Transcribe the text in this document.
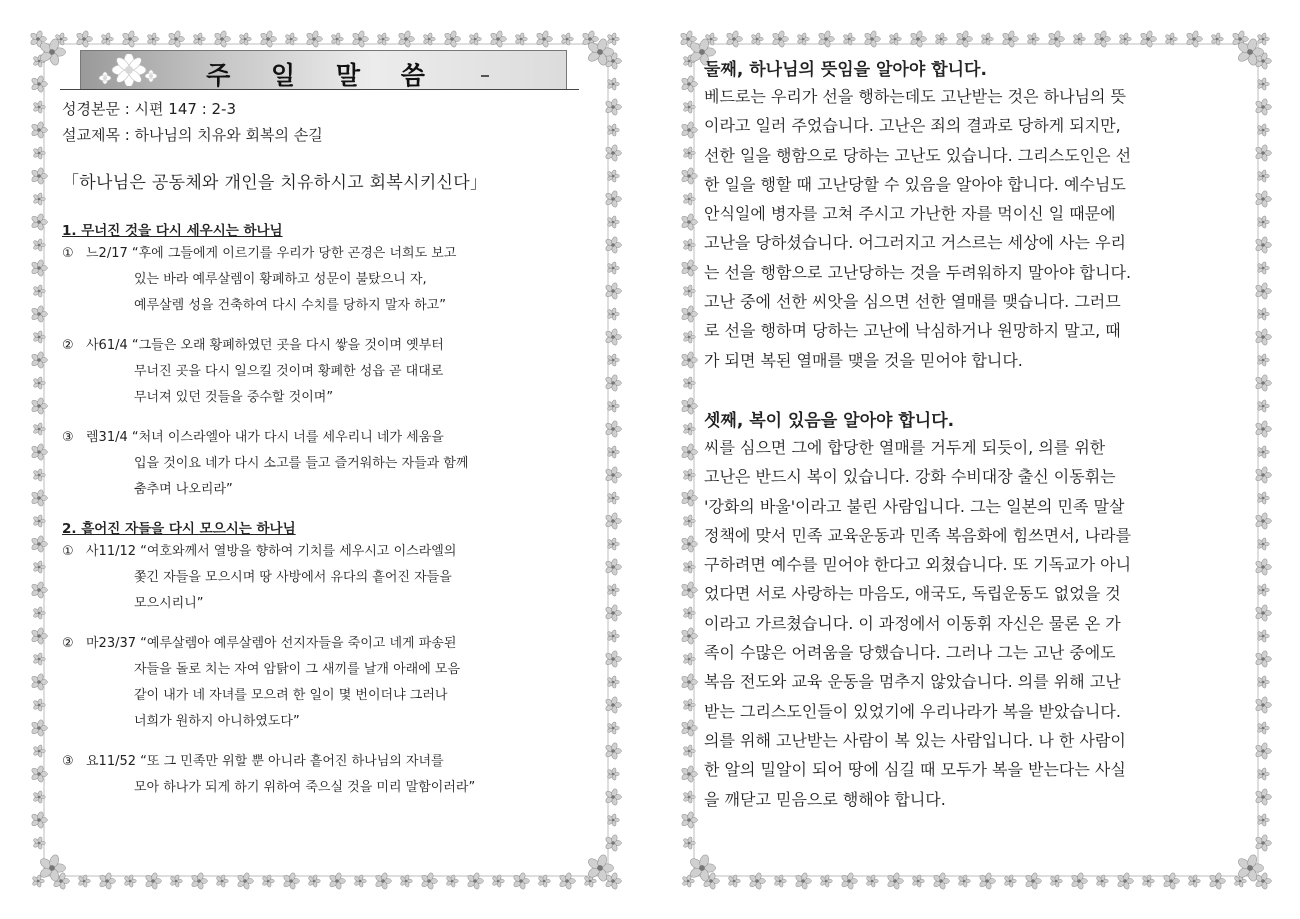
주 일 말 씀
성경본문 : 시편 147 : 2-3
설교제목 : 하나님의 치유와 회복의 손길
「하나님은 공동체와 개인을 치유하시고 회복시키신다」
1. 무너진 것을 다시 세우시는 하나님
① 느2/17 “후에 그들에게 이르기를 우리가 당한 곤경은 너희도 보고
있는 바라 예루살렘이 황폐하고 성문이 불탔으니 자,
예루살렘 성을 건축하여 다시 수치를 당하지 말자 하고”
② 사61/4 “그들은 오래 황폐하였던 곳을 다시 쌓을 것이며 옛부터
무너진 곳을 다시 일으킬 것이며 황폐한 성읍 곧 대대로
무너져 있던 것들을 중수할 것이며”
③ 렘31/4 “처녀 이스라엘아 내가 다시 너를 세우리니 네가 세움을
입을 것이요 네가 다시 소고를 들고 즐거워하는 자들과 함께
춤추며 나오리라”
2. 흩어진 자들을 다시 모으시는 하나님
① 사11/12 “여호와께서 열방을 향하여 기치를 세우시고 이스라엘의
쫓긴 자들을 모으시며 땅 사방에서 유다의 흩어진 자들을
모으시리니”
② 마23/37 “예루살렘아 예루살렘아 선지자들을 죽이고 네게 파송된
자들을 돌로 치는 자여 암탉이 그 새끼를 날개 아래에 모음
같이 내가 네 자녀를 모으려 한 일이 몇 번이더냐 그러나
너희가 원하지 아니하였도다”
③ 요11/52 “또 그 민족만 위할 뿐 아니라 흩어진 하나님의 자녀를
모아 하나가 되게 하기 위하여 죽으실 것을 미리 말함이러라”
둘째, 하나님의 뜻임을 알아야 합니다.
베드로는 우리가 선을 행하는데도 고난받는 것은 하나님의 뜻
이라고 일러 주었습니다. 고난은 죄의 결과로 당하게 되지만,
선한 일을 행함으로 당하는 고난도 있습니다. 그리스도인은 선
한 일을 행할 때 고난당할 수 있음을 알아야 합니다. 예수님도
안식일에 병자를 고쳐 주시고 가난한 자를 먹이신 일 때문에
고난을 당하셨습니다. 어그러지고 거스르는 세상에 사는 우리
는 선을 행함으로 고난당하는 것을 두려워하지 말아야 합니다.
고난 중에 선한 씨앗을 심으면 선한 열매를 맺습니다. 그러므
로 선을 행하며 당하는 고난에 낙심하거나 원망하지 말고, 때
가 되면 복된 열매를 맺을 것을 믿어야 합니다.
셋째, 복이 있음을 알아야 합니다.
씨를 심으면 그에 합당한 열매를 거두게 되듯이, 의를 위한
고난은 반드시 복이 있습니다. 강화 수비대장 출신 이동휘는
'강화의 바울'이라고 불린 사람입니다. 그는 일본의 민족 말살
정책에 맞서 민족 교육운동과 민족 복음화에 힘쓰면서, 나라를
구하려면 예수를 믿어야 한다고 외쳤습니다. 또 기독교가 아니
었다면 서로 사랑하는 마음도, 애국도, 독립운동도 없었을 것
이라고 가르쳤습니다. 이 과정에서 이동휘 자신은 물론 온 가
족이 수많은 어려움을 당했습니다. 그러나 그는 고난 중에도
복음 전도와 교육 운동을 멈추지 않았습니다. 의를 위해 고난
받는 그리스도인들이 있었기에 우리나라가 복을 받았습니다.
의를 위해 고난받는 사람이 복 있는 사람입니다. 나 한 사람이
한 알의 밀알이 되어 땅에 심길 때 모두가 복을 받는다는 사실
을 깨닫고 믿음으로 행해야 합니다.
